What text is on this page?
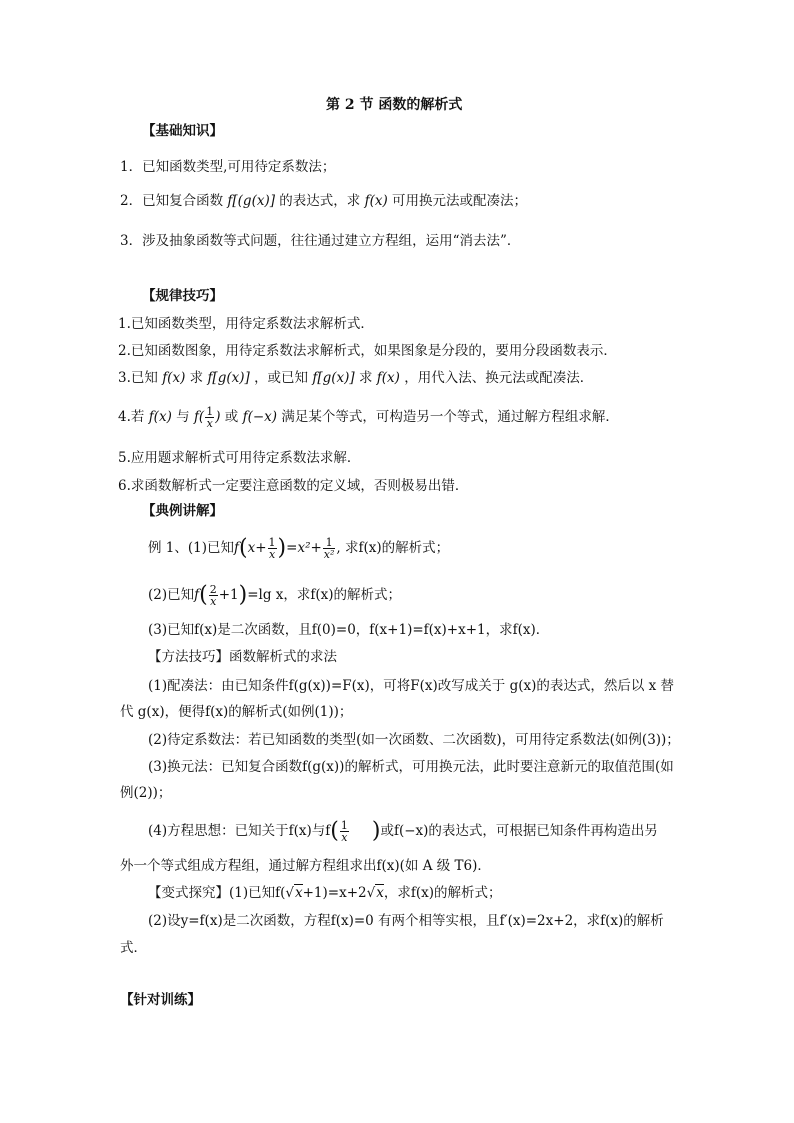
第 2 节 函数的解析式
【基础知识】
1．已知函数类型,可用待定系数法；
2．已知复合函数 f[(g(x)] 的表达式，求 f(x) 可用换元法或配凑法；
3．涉及抽象函数等式问题，往往通过建立方程组，运用“消去法”．
【规律技巧】
1.已知函数类型，用待定系数法求解析式．
2.已知函数图象，用待定系数法求解析式，如果图象是分段的，要用分段函数表示．
3.已知 f(x) 求 f[g(x)] ，或已知 f[g(x)] 求 f(x) ，用代入法、换元法或配凑法．
4.若 f(x) 与 $f( \frac{1}{x}$ ) 或 f(−x) 满足某个等式，可构造另一个等式，通过解方程组求解．
5.应用题求解析式可用待定系数法求解．
6.求函数解析式一定要注意函数的定义域，否则极易出错．
【典例讲解】
例 1、(1)已知$f(x+ \frac{1}{x} )=x^2+ \frac{1}{\text{x²}}$ , 求f(x)的解析式；
(2)已知$f( \frac{2}{x} +1)=\lg$ x，求f(x)的解析式；
(3)已知f(x)是二次函数，且f(0)=0，f(x+1)=f(x)+x+1，求f(x)．
【方法技巧】函数解析式的求法
(1)配凑法：由已知条件f(g(x))=F(x)，可将F(x)改写成关于 g(x)的表达式，然后以 x 替
代 g(x)，便得f(x)的解析式(如例(1))；
(2)待定系数法：若已知函数的类型(如一次函数、二次函数)，可用待定系数法(如例(3))；
(3)换元法：已知复合函数f(g(x))的解析式，可用换元法，此时要注意新元的取值范围(如
例(2))；
(4)方程思想：已知关于f(x)与$f( \frac{1}{x}$ )或f(−x)的表达式，可根据已知条件再构造出另
外一个等式组成方程组，通过解方程组求出f(x)(如 A 级 T6)．
【变式探究】(1)已知f(√x+1)=x+2√x，求f(x)的解析式；
(2)设y=f(x)是二次函数，方程f(x)=0 有两个相等实根，且f′(x)=2x+2，求f(x)的解析
式．
【针对训练】
